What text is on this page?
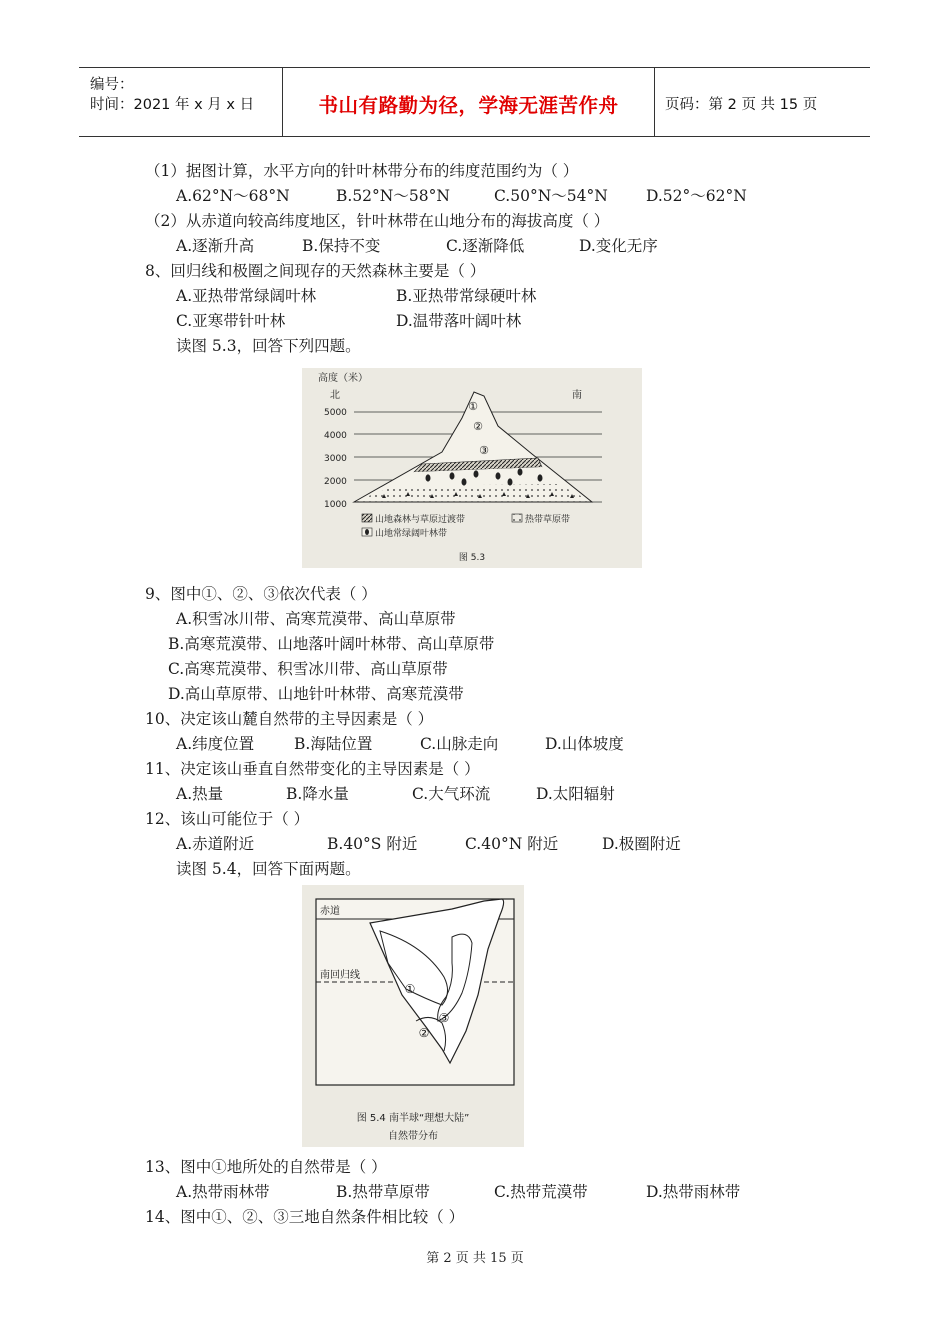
编号：
时间：2021 年 x 月 x 日	书山有路勤为径，学海无涯苦作舟	页码：第 2 页 共 15 页
（1）据图计算，水平方向的针叶林带分布的纬度范围约为（ ）
A.62°N～68°N	B.52°N～58°N	C.50°N～54°N D.52°～62°N
（2）从赤道向较高纬度地区，针叶林带在山地分布的海拔高度（ ）
A.逐渐升高	B.保持不变	C.逐渐降低	D.变化无序
8、回归线和极圈之间现存的天然森林主要是（ ）
A.亚热带常绿阔叶林	B.亚热带常绿硬叶林
C.亚寒带针叶林	D.温带落叶阔叶林
读图 5.3，回答下列四题。
高度（米）
北	南
5000
4000
3000
2000
1000
①
②
③
山地森林与草原过渡带	热带草原带
山地常绿阔叶林带
图 5.3
9、图中①、②、③依次代表（ ）
A.积雪冰川带、高寒荒漠带、高山草原带
B.高寒荒漠带、山地落叶阔叶林带、高山草原带
C.高寒荒漠带、积雪冰川带、高山草原带
D.高山草原带、山地针叶林带、高寒荒漠带
10、决定该山麓自然带的主导因素是（ ）
A.纬度位置	B.海陆位置	C.山脉走向	D.山体坡度
11、决定该山垂直自然带变化的主导因素是（ ）
A.热量	B.降水量	C.大气环流	D.太阳辐射
12、该山可能位于（ ）
A.赤道附近	B.40°S 附近	C.40°N 附近	D.极圈附近
读图 5.4，回答下面两题。
赤道
南回归线
①
②
③
图 5.4 南半球“理想大陆”
自然带分布
13、图中①地所处的自然带是（ ）
A.热带雨林带	B.热带草原带	C.热带荒漠带	D.热带雨林带
14、图中①、②、③三地自然条件相比较（ ）
第 2 页 共 15 页
